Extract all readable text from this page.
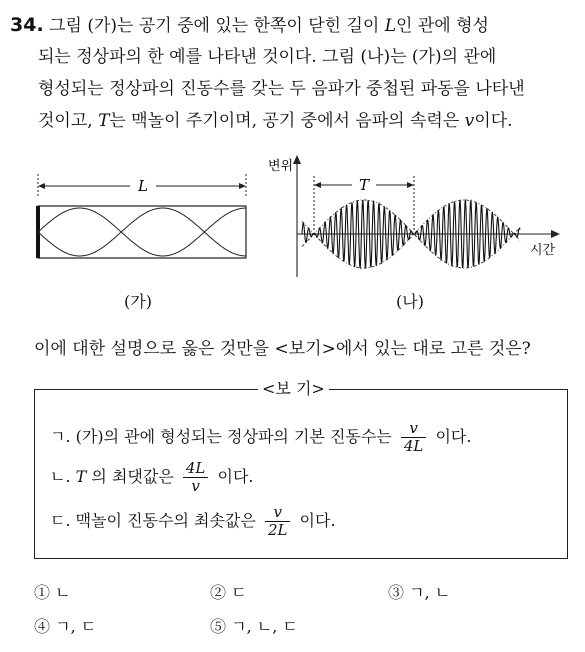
34. 그림 (가)는 공기 중에 있는 한쪽이 닫힌 길이 L인 관에 형성
되는 정상파의 한 예를 나타낸 것이다. 그림 (나)는 (가)의 관에
형성되는 정상파의 진동수를 갖는 두 음파가 중첩된 파동을 나타낸
것이고, T는 맥놀이 주기이며, 공기 중에서 음파의 속력은 v이다.
L
(가)
변위
시간
T
(나)
이에 대한 설명으로 옳은 것만을 <보기>에서 있는 대로 고른 것은?
<보 기>
ㄱ. (가)의 관에 형성되는 정상파의 기본 진동수는 $\frac{v}{4L}$ 이다.
ㄴ. T 의 최댓값은 $\frac{4L}{v}$ 이다.
ㄷ. 맥놀이 진동수의 최솟값은 $\frac{v}{2L}$ 이다.
① ㄴ	② ㄷ	③ ㄱ, ㄴ
④ ㄱ, ㄷ	⑤ ㄱ, ㄴ, ㄷ
